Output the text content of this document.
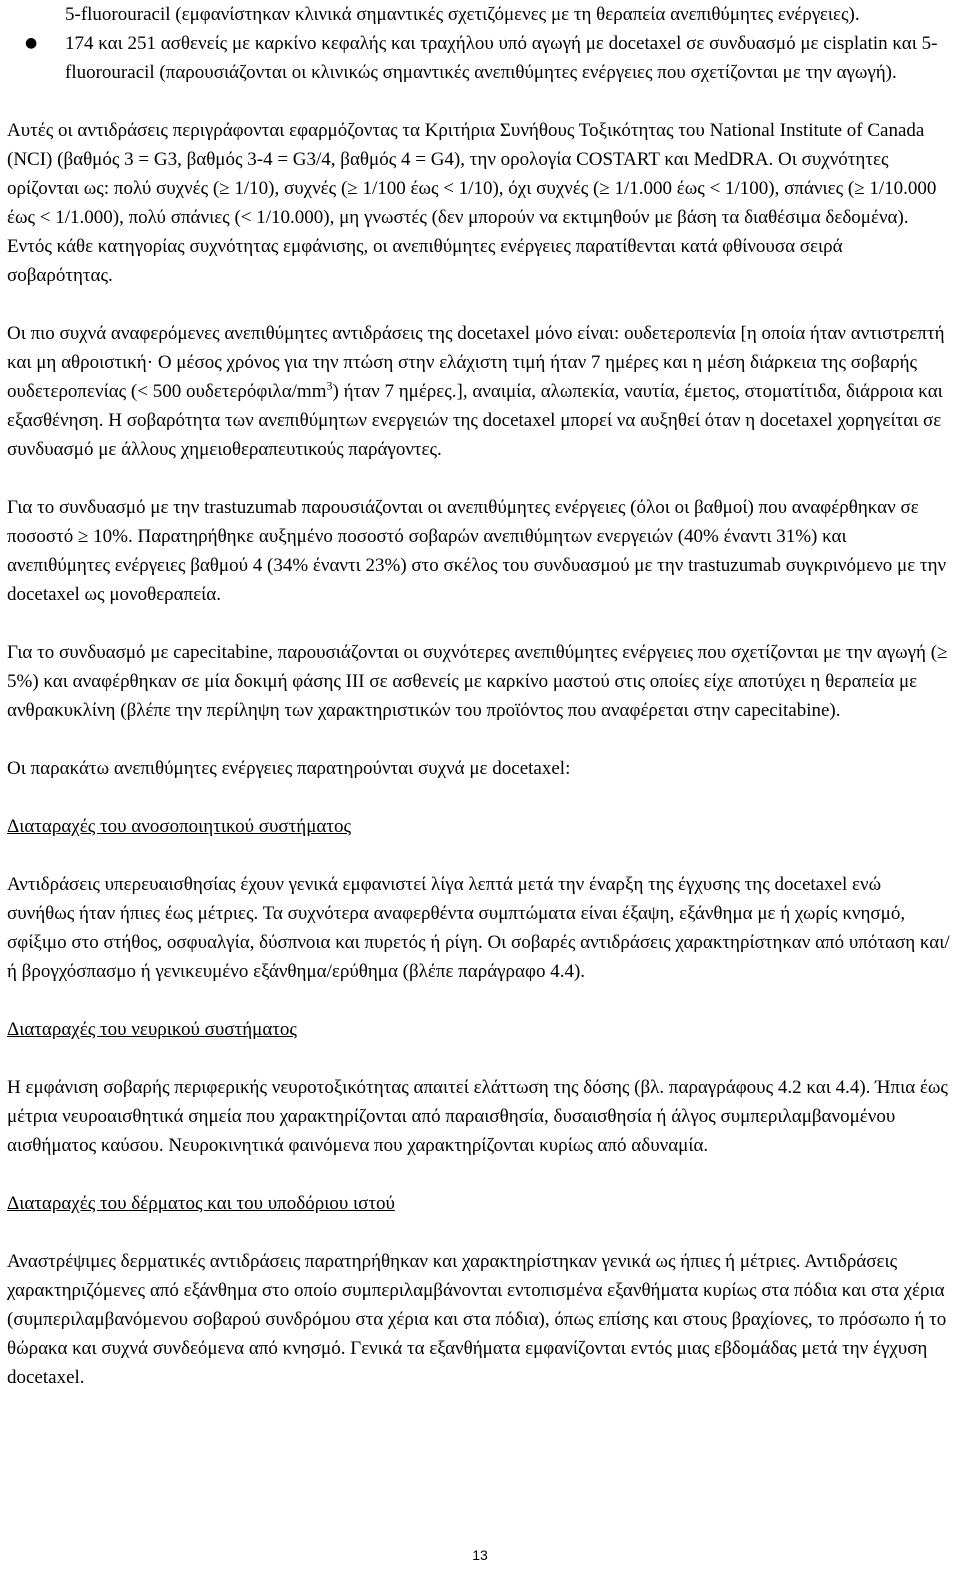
5-fluorouracil (εμφανίστηκαν κλινικά σημαντικές σχετιζόμενες με τη θεραπεία ανεπιθύμητες ενέργειες).

● 174 και 251 ασθενείς με καρκίνο κεφαλής και τραχήλου υπό αγωγή με docetaxel σε συνδυασμό με cisplatin και 5-fluorouracil (παρουσιάζονται οι κλινικώς σημαντικές ανεπιθύμητες ενέργειες που σχετίζονται με την αγωγή).

Αυτές οι αντιδράσεις περιγράφονται εφαρμόζοντας τα Κριτήρια Συνήθους Τοξικότητας του National Institute of Canada (NCI) (βαθμός 3 = G3, βαθμός 3-4 = G3/4, βαθμός 4 = G4), την ορολογία COSTART και MedDRA. Οι συχνότητες ορίζονται ως: πολύ συχνές (≥ 1/10), συχνές (≥ 1/100 έως < 1/10), όχι συχνές (≥ 1/1.000 έως < 1/100), σπάνιες (≥ 1/10.000 έως < 1/1.000), πολύ σπάνιες (< 1/10.000), μη γνωστές (δεν μπορούν να εκτιμηθούν με βάση τα διαθέσιμα δεδομένα). Εντός κάθε κατηγορίας συχνότητας εμφάνισης, οι ανεπιθύμητες ενέργειες παρατίθενται κατά φθίνουσα σειρά σοβαρότητας.

Οι πιο συχνά αναφερόμενες ανεπιθύμητες αντιδράσεις της docetaxel μόνο είναι: ουδετεροπενία [η οποία ήταν αντιστρεπτή και μη αθροιστική· Ο μέσος χρόνος για την πτώση στην ελάχιστη τιμή ήταν 7 ημέρες και η μέση διάρκεια της σοβαρής ουδετεροπενίας (< 500 ουδετερόφιλα/$mm^3$) ήταν 7 ημέρες.], αναιμία, αλωπεκία, ναυτία, έμετος, στοματίτιδα, διάρροια και εξασθένηση. Η σοβαρότητα των ανεπιθύμητων ενεργειών της docetaxel μπορεί να αυξηθεί όταν η docetaxel χορηγείται σε συνδυασμό με άλλους χημειοθεραπευτικούς παράγοντες.

Για το συνδυασμό με την trastuzumab παρουσιάζονται οι ανεπιθύμητες ενέργειες (όλοι οι βαθμοί) που αναφέρθηκαν σε ποσοστό ≥ 10%. Παρατηρήθηκε αυξημένο ποσοστό σοβαρών ανεπιθύμητων ενεργειών (40% έναντι 31%) και ανεπιθύμητες ενέργειες βαθμού 4 (34% έναντι 23%) στο σκέλος του συνδυασμού με την trastuzumab συγκρινόμενο με την docetaxel ως μονοθεραπεία.

Για το συνδυασμό με capecitabine, παρουσιάζονται οι συχνότερες ανεπιθύμητες ενέργειες που σχετίζονται με την αγωγή (≥ 5%) και αναφέρθηκαν σε μία δοκιμή φάσης ΙΙΙ σε ασθενείς με καρκίνο μαστού στις οποίες είχε αποτύχει η θεραπεία με ανθρακυκλίνη (βλέπε την περίληψη των χαρακτηριστικών του προϊόντος που αναφέρεται στην capecitabine).

Οι παρακάτω ανεπιθύμητες ενέργειες παρατηρούνται συχνά με docetaxel:

Διαταραχές του ανοσοποιητικού συστήματος

Αντιδράσεις υπερευαισθησίας έχουν γενικά εμφανιστεί λίγα λεπτά μετά την έναρξη της έγχυσης της docetaxel ενώ συνήθως ήταν ήπιες έως μέτριες. Τα συχνότερα αναφερθέντα συμπτώματα είναι έξαψη, εξάνθημα με ή χωρίς κνησμό, σφίξιμο στο στήθος, οσφυαλγία, δύσπνοια και πυρετός ή ρίγη. Οι σοβαρές αντιδράσεις χαρακτηρίστηκαν από υπόταση και/ή βρογχόσπασμο ή γενικευμένο εξάνθημα/ερύθημα (βλέπε παράγραφο 4.4).

Διαταραχές του νευρικού συστήματος

Η εμφάνιση σοβαρής περιφερικής νευροτοξικότητας απαιτεί ελάττωση της δόσης (βλ. παραγράφους 4.2 και 4.4). Ήπια έως μέτρια νευροαισθητικά σημεία που χαρακτηρίζονται από παραισθησία, δυσαισθησία ή άλγος συμπεριλαμβανομένου αισθήματος καύσου. Νευροκινητικά φαινόμενα που χαρακτηρίζονται κυρίως από αδυναμία.

Διαταραχές του δέρματος και του υποδόριου ιστού

Αναστρέψιμες δερματικές αντιδράσεις παρατηρήθηκαν και χαρακτηρίστηκαν γενικά ως ήπιες ή μέτριες. Αντιδράσεις χαρακτηριζόμενες από εξάνθημα στο οποίο συμπεριλαμβάνονται εντοπισμένα εξανθήματα κυρίως στα πόδια και στα χέρια (συμπεριλαμβανόμενου σοβαρού συνδρόμου στα χέρια και στα πόδια), όπως επίσης και στους βραχίονες, το πρόσωπο ή το θώρακα και συχνά συνδεόμενα από κνησμό. Γενικά τα εξανθήματα εμφανίζονται εντός μιας εβδομάδας μετά την έγχυση docetaxel.

13
